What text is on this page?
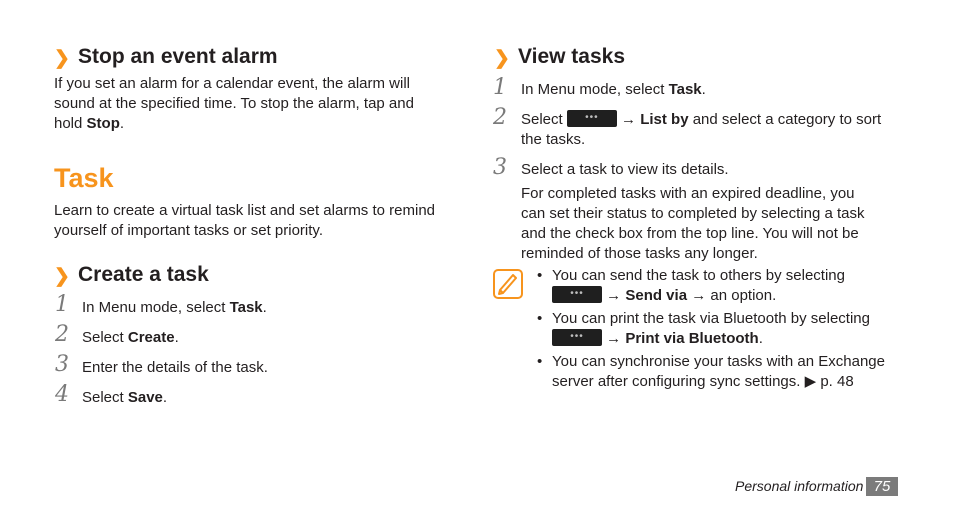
❯ Stop an event alarm
If you set an alarm for a calendar event, the alarm will
sound at the specified time. To stop the alarm, tap and
hold Stop.
Task
Learn to create a virtual task list and set alarms to remind
yourself of important tasks or set priority.
❯ Create a task
1 In Menu mode, select Task.
2 Select Create.
3 Enter the details of the task.
4 Select Save.
❯ View tasks
1 In Menu mode, select Task.
2 Select	•••	→ List by and select a category to sort
the tasks.
3 Select a task to view its details.
For completed tasks with an expired deadline, you
can set their status to completed by selecting a task
and the check box from the top line. You will not be
reminded of those tasks any longer.
• You can send the task to others by selecting
•••	→ Send via → an option.
• You can print the task via Bluetooth by selecting
•••	→ Print via Bluetooth.
• You can synchronise your tasks with an Exchange
server after configuring sync settings. ▶ p. 48
Personal information 75
